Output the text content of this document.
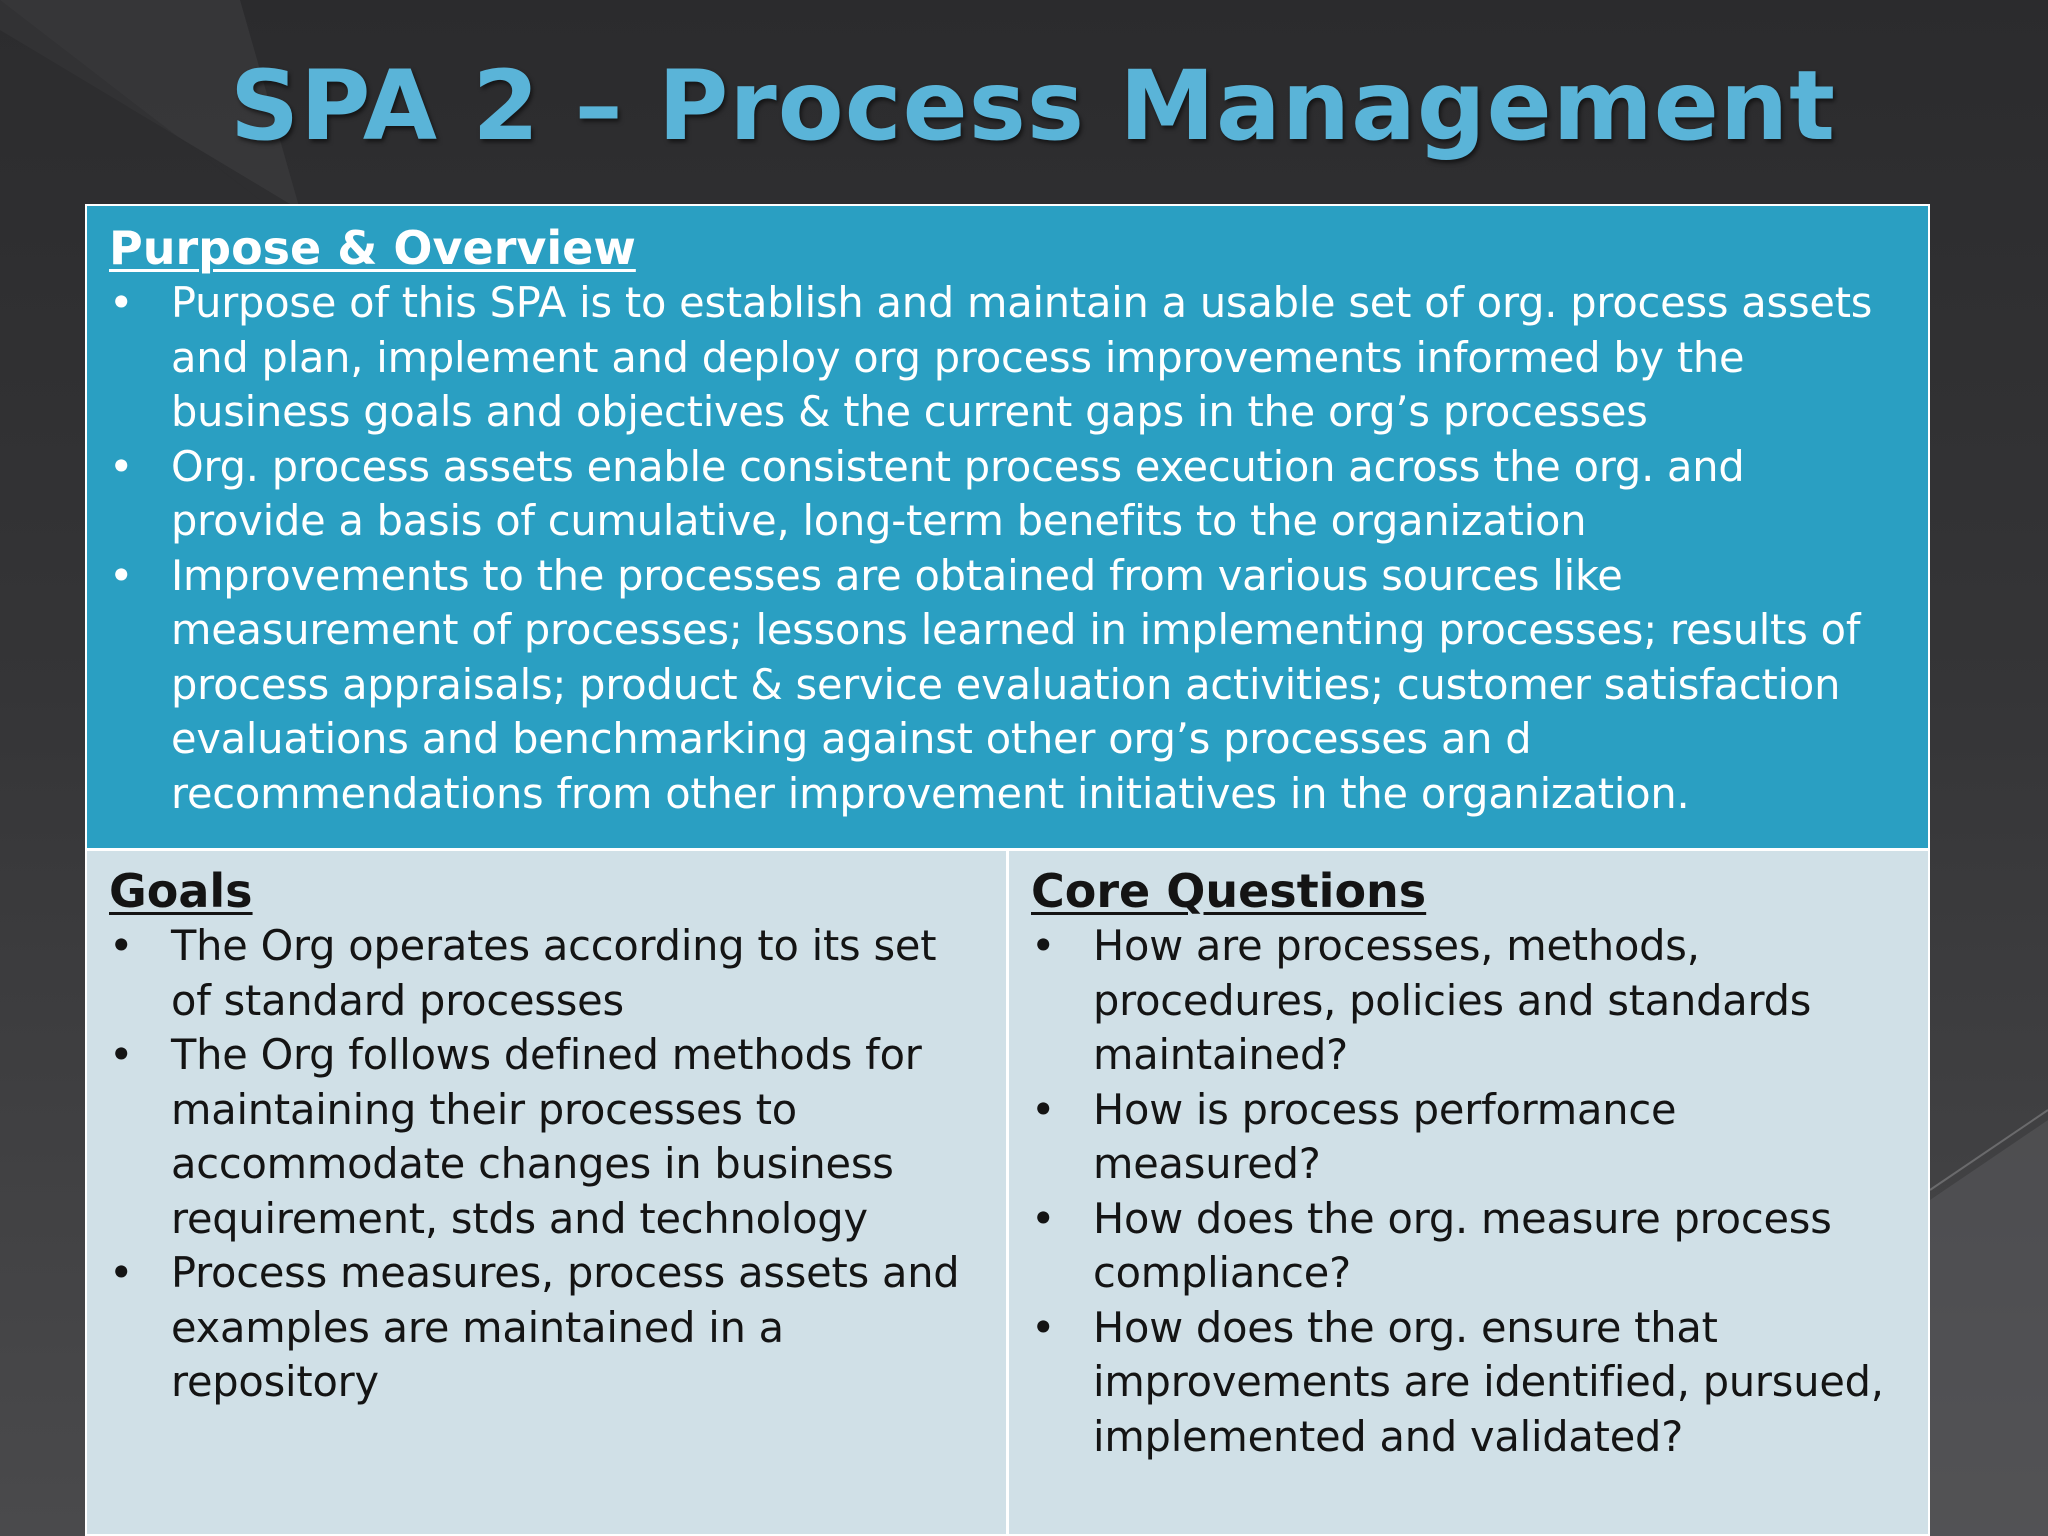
SPA 2 – Process Management
Purpose & Overview
• Purpose of this SPA is to establish and maintain a usable set of org. process assets and plan, implement and deploy org process improvements informed by the business goals and objectives & the current gaps in the org’s processes
• Org. process assets enable consistent process execution across the org. and provide a basis of cumulative, long-term benefits to the organization
• Improvements to the processes are obtained from various sources like measurement of processes; lessons learned in implementing processes; results of process appraisals; product & service evaluation activities; customer satisfaction evaluations and benchmarking against other org’s processes an d recommendations from other improvement initiatives in the organization.
Goals
• The Org operates according to its set of standard processes
• The Org follows defined methods for maintaining their processes to accommodate changes in business requirement, stds and technology
• Process measures, process assets and examples are maintained in a repository
Core Questions
• How are processes, methods, procedures, policies and standards maintained?
• How is process performance measured?
• How does the org. measure process compliance?
• How does the org. ensure that improvements are identified, pursued, implemented and validated?
